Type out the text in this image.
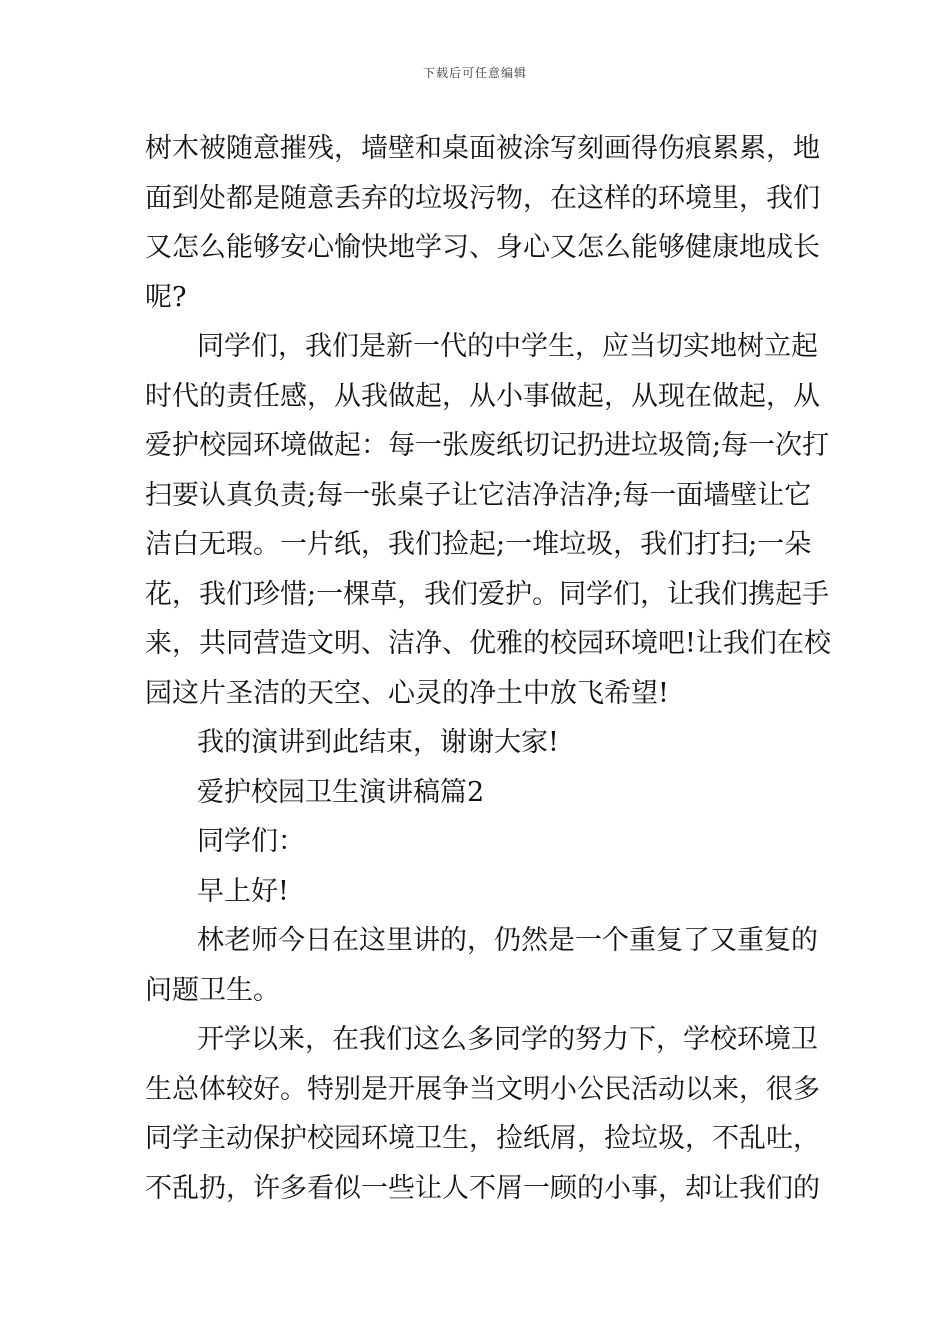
下载后可任意编辑
树木被随意摧残，墙壁和桌面被涂写刻画得伤痕累累，地
面到处都是随意丢弃的垃圾污物，在这样的环境里，我们
又怎么能够安心愉快地学习、身心又怎么能够健康地成长
呢?
同学们，我们是新一代的中学生，应当切实地树立起
时代的责任感，从我做起，从小事做起，从现在做起，从
爱护校园环境做起：每一张废纸切记扔进垃圾筒;每一次打
扫要认真负责;每一张桌子让它洁净洁净;每一面墙壁让它
洁白无瑕。一片纸，我们捡起;一堆垃圾，我们打扫;一朵
花，我们珍惜;一棵草，我们爱护。同学们，让我们携起手
来，共同营造文明、洁净、优雅的校园环境吧!让我们在校
园这片圣洁的天空、心灵的净土中放飞希望!
我的演讲到此结束，谢谢大家!
爱护校园卫生演讲稿篇2
同学们：
早上好!
林老师今日在这里讲的，仍然是一个重复了又重复的
问题卫生。
开学以来，在我们这么多同学的努力下，学校环境卫
生总体较好。特别是开展争当文明小公民活动以来，很多
同学主动保护校园环境卫生，捡纸屑，捡垃圾，不乱吐，
不乱扔，许多看似一些让人不屑一顾的小事，却让我们的
